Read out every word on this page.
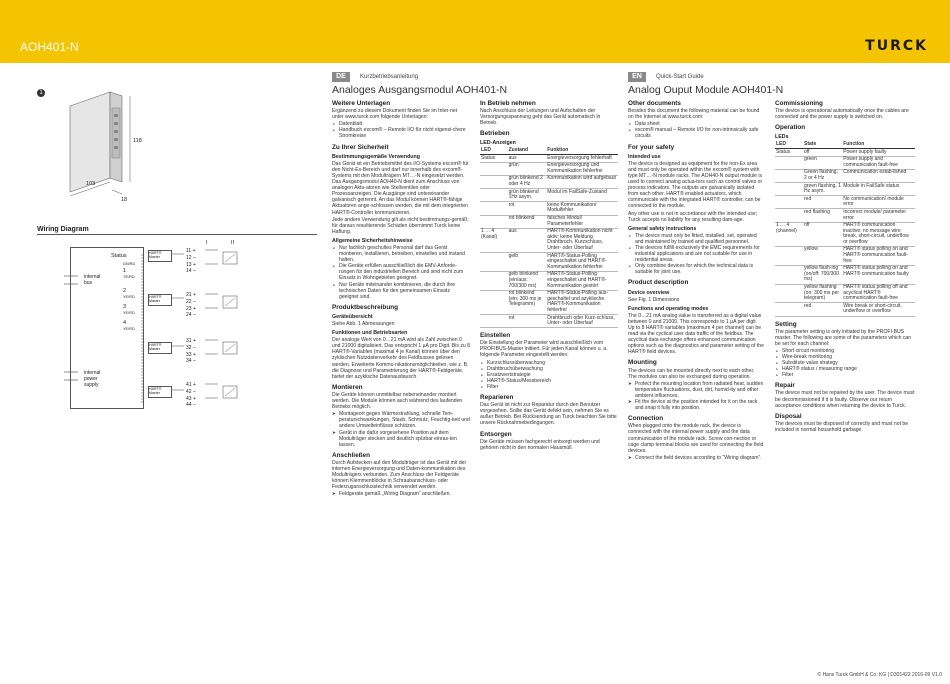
AOH401-N	TURCK
1
118
103
18
Wiring Diagram
I	II
internal bus
internal power supply
Status
GN/RD
1
YE/RD
HART® Master
11 +
12 –
13 +
14 –
2
YE/RD	HART® Master
21 +
22 –
23 +
24 –
3
YE/RD
HART® Master
31 +
32 –
33 +
34 –
4
YE/RD
HART® Master
41 +
42 –
43 +
44 –
DE	Kurzbetriebsanleitung
Analoges Ausgangsmodul AOH401-N
Weitere Unterlagen

Ergänzend zu diesem Dokument finden Sie im Inter-net unter www.turck.com folgende Unterlagen:

■ Datenblatt
■ Handbuch excom® – Remote I/O für nicht eigensi-chere Stromkreise
Zu Ihrer Sicherheit
Bestimmungsgemäße Verwendung

Das Gerät ist ein Betriebsmittel des I/O-Systems excom® für den Nicht-Ex-Bereich und darf nur innerhalb des excom®-Systems mit den Modulträgern MT…-N eingesetzt werden. Das Ausgangsmodul AOH40-N dient zum Anschluss von analogen Aktu-atoren wie Stellventilen oder Prozessanzeigen. Die Ausgänge sind untereinander galvanisch getrennt. An das Modul können HART®-fähige Aktuatoren ange-schlossen werden, die mit dem integrierten HART®-Controller kommunizieren.

Jede andere Verwendung gilt als nicht bestimmungs-gemäß; für daraus resultierende Schäden übernimmt Turck keine Haftung.

Allgemeine Sicherheitshinweise
■ Nur fachlich geschultes Personal darf das Gerät montieren, installieren, betreiben, einstellen und instand halten.
■ Die Geräte erfüllen ausschließlich die EMV-Anforde-rungen für den industriellen Bereich und sind nicht zum Einsatz in Wohngebieten geeignet.
■ Nur Geräte miteinander kombinieren, die durch ihre technischen Daten für den gemeinsamen Einsatz geeignet sind.
Produktbeschreibung
Geräteübersicht

Siehe Abb. 1 Abmessungen

Funktionen und Betriebsarten

Der analoge Wert von 0…21 mA wird als Zahl zwischen 0 und 21000 digitalisiert. Das entspricht 1 µA pro Digit. Bis zu 8 HART®-Variablen (maximal 4 je Kanal) können über den zyklischen Nutzdatenverkehr des Feldbusses gelesen werden. Erweiterte Kommu-nikationsmöglichkeiten, wie z. B. die Diagnose und Parametrierung der HART®-Feldgeräte, bietet der azyklische Datenaustausch.

Montieren

Die Geräte können unmittelbar nebeneinander montiert werden. Die Module können auch während des laufenden Betriebs möglich.

➤ Montageort gegen Wärmestrahlung, schnelle Tem-peraturschwankungen, Staub, Schmutz, Feuchtig-keit und andere Umwelteinflüsse schützen.
➤ Gerät in die dafür vorgesehene Position auf dem Modulträger stecken und deutlich spürbar einras-ten lassen.
Anschließen

Durch Aufstecken auf den Modulträger ist das Gerät mit der internen Energieversorgung und Daten-kommunikation des Modulträgers verbunden. Zum Anschluss der Feldgeräte können Klemmenblöcke in Schraubanschluss- oder Federzuganschlusstechnik verwendet werden.

➤ Feldgeräte gemäß „Wiring Diagram“ anschließen.
In Betrieb nehmen

Nach Anschluss der Leitungen und Aufschalten der Versorgungsspannung geht das Gerät automatisch in Betrieb.

Betrieben
LED-Anzeigen
LED	Zustand	Funktion
Status	aus	Energieversorgung fehlerhaft
	grün	Energieversorgung und Kommunikation fehlerfrei
	grün blinkend 2 oder 4 Hz	Kommunikation wird aufgebaut
	grün blinkend 1Hz asym.	Modul im FailSafe-Zustand
	rot	keine Kommunikation/ Modulfehler
	rot blinkend	falsches Modul/ Parameterfehler
1 … 4 (Kanal)	aus	HART®-Kommunikation nicht aktiv; keine Meldung Drahtbruch, Kurzschluss, Unter- oder Überlauf
	gelb	HART®-Status-Polling eingeschaltet und HART®-Kommunikation fehlerfrei
	gelb blinkend (ein/aus: 700/300 ms)	HART®-Status-Polling eingeschaltet und HART®-Kommunikation gestört
	rot blinkend (ein: 300 ms je Telegramm)	HART®-Status-Polling aus-geschaltet und azyklische HART®-Kommunikation fehlerfrei
	rot	Drahtbruch oder Kurz-schluss, Unter- oder Überlauf
Einstellen

Die Einstellung der Parameter wird ausschließlich vom PROFIBUS-Master initiiert. Für jeden Kanal können u. a. folgende Parameter eingestellt werden:

■ Kurzschlussüberwachung
■ Drahtbruchüberwachung
■ Ersatzwertstrategie
■ HART®-Status/Messbereich
■ Filter
Reparieren

Das Gerät ist nicht zur Reparatur durch den Benutzer vorgesehen. Sollte das Gerät defekt sein, nehmen Sie es außer Betrieb. Bei Rücksendung an Turck beachten Sie bitte unsere Rücknahmebedingungen.

Entsorgen

Die Geräte müssen fachgerecht entsorgt werden und gehören nicht in den normalen Hausmüll.

EN	Quick-Start Guide
Analog Ouput Module AOH401-N
Other documents

Besides this document the following material can be found on the Internet at www.turck.com:

■ Data sheet
■ excom® manual – Remote I/O for non-intrinsically safe circuits
For your safety
Intended use

The device is designed as equipment for the non-Ex area and must only be operated within the excom® system with type MT…-N module racks. The AOH40-N output module is used to connect analog actua-tors such as control valves or process indicators. The outputs are galvanically isolated from each other. HART® enabled actuators, which communicate with the integrated HART® controller, can be connected to the module.

Any other use is not in accordance with the intended use; Turck accepts no liability for any resulting dam-age.

General safety instructions
■ The device must only be fitted, installed, set, operated and maintained by trained and qualified personnel.
■ The devices fulfill exclusively the EMC requirements for industrial applications and are not suitable for use in residential areas.
■ Only combine devices for which the technical data is suitable for joint use.
Product description
Device overview

See Fig. 1 Dimensions

Functions and operating modes

The 0…21 mA analog value is transferred as a digital value between 0 and 21000. This corresponds to 1 µA per digit. Up to 8 HART® variables (maximum 4 per channel) can be read via the cyclical user data traffic of the fieldbus. The acyclical data exchange offers enhanced communication options such as the diagnostics and parameter setting of the HART® field devices.

Mounting

The devices can be mounted directly next to each other. The modules can also be exchanged during operation.

➤ Protect the mounting location from radiated heat, sudden temperature fluctuations, dust, dirt, humid-ity and other ambient influences.
➤ Fit the device at the position intended for it on the rack and snap it fully into position.
Connection

When plugged onto the module rack, the device is connected with the internal power supply and the data communication of the module rack. Screw con-nection or cage clamp terminal blocks are used for connecting the field devices.

➤ Connect the field devices according to “Wiring diagram”.
Commissioning

The device is operational automatically once the cables are connected and the power supply is switched on.

Operation
LEDs
LED	State	Function
Status	off	Power supply faulty
	green	Power supply and communication fault-free
	Green flashing, 2 or 4 Hz	Communication estab-lished
	green flashing, 1 Hz asym.	Module in FailSafe status
	red	No communication/ module error
	red flashing	Incorrect module/ parameter error
1 … 4 (channel)	off	HART® communication inactive; no message wire break, short-circuit, underflow or overflow
	yellow	HART® status polling on and HART® communication fault-free
	yellow flash-ing (on/off: 700/300 ms)	HART® status polling on and HART® communication faulty
	yellow flashing (on: 300 ms per telegram)	HART® status polling off and acyclical HART® communication fault-free
	red	Wire break or short-circuit, underflow or overflow
Setting

The parameter setting is only initiated by the PROFI-BUS master. The following are some of the parameters which can be set for each channel:

■ Short circuit monitoring
■ Wire-break monitoring
■ Substitute value strategy
■ HART® status / measuring range
■ Filter
Repair

The device must not be repaired by the user. The device must be decommissioned if it is faulty. Observe our return acceptance conditions when returning the device to Turck.

Disposal

The devices must be disposed of correctly and must not be included in normal household garbage.

© Hans Turck GmbH & Co. KG | D301422 2016-09 V1.0
